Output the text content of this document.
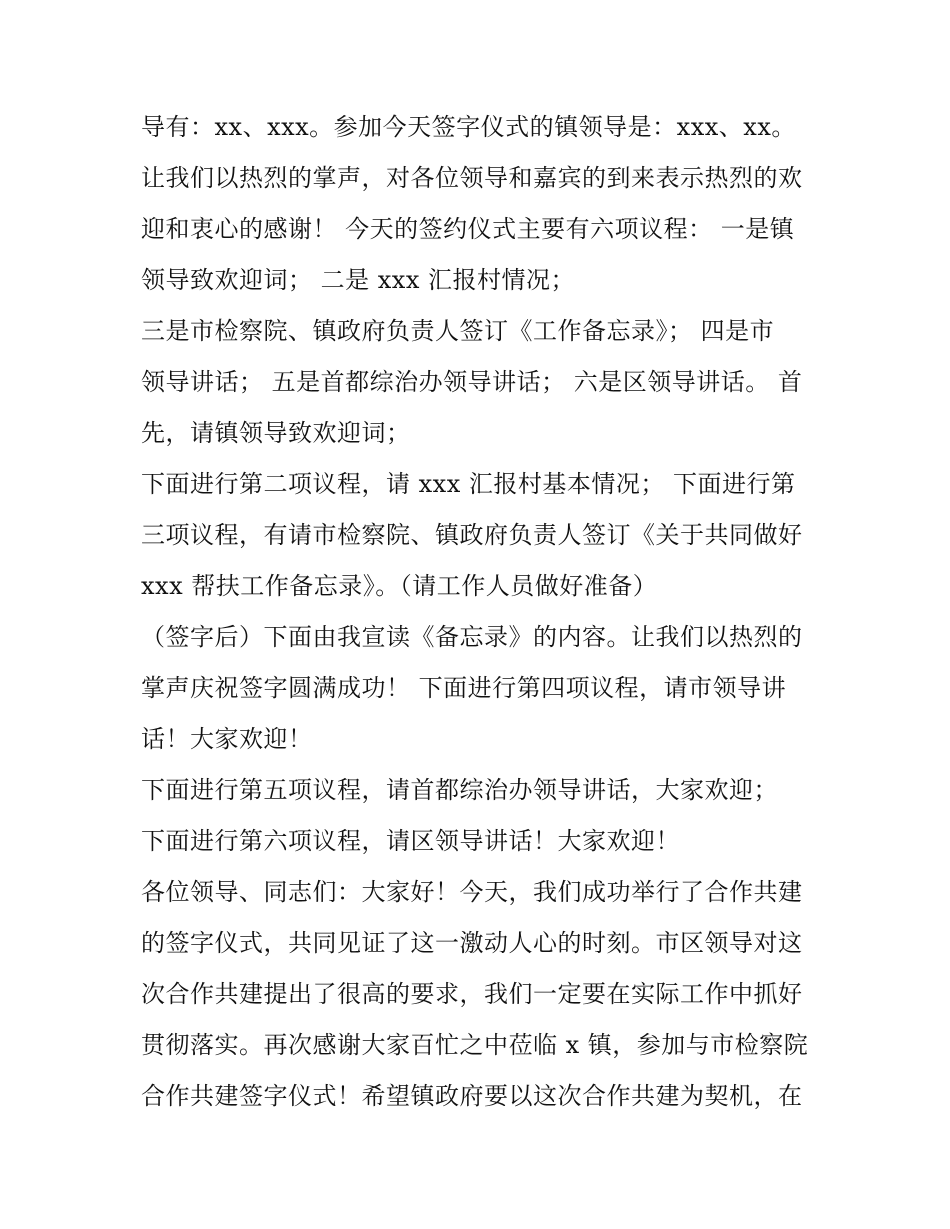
导有：xx、xxx。参加今天签字仪式的镇领导是：xxx、xx。
让我们以热烈的掌声，对各位领导和嘉宾的到来表示热烈的欢
迎和衷心的感谢！ 今天的签约仪式主要有六项议程： 一是镇
领导致欢迎词； 二是 xxx 汇报村情况；
三是市检察院、镇政府负责人签订《工作备忘录》； 四是市
领导讲话； 五是首都综治办领导讲话； 六是区领导讲话。 首
先，请镇领导致欢迎词；
下面进行第二项议程，请 xxx 汇报村基本情况； 下面进行第
三项议程，有请市检察院、镇政府负责人签订《关于共同做好
xxx 帮扶工作备忘录》。（请工作人员做好准备）
（签字后）下面由我宣读《备忘录》的内容。让我们以热烈的
掌声庆祝签字圆满成功！ 下面进行第四项议程，请市领导讲
话！大家欢迎！
下面进行第五项议程，请首都综治办领导讲话，大家欢迎；
下面进行第六项议程，请区领导讲话！大家欢迎！
各位领导、同志们：大家好！今天，我们成功举行了合作共建
的签字仪式，共同见证了这一激动人心的时刻。市区领导对这
次合作共建提出了很高的要求，我们一定要在实际工作中抓好
贯彻落实。再次感谢大家百忙之中莅临 x 镇，参加与市检察院
合作共建签字仪式！希望镇政府要以这次合作共建为契机，在
